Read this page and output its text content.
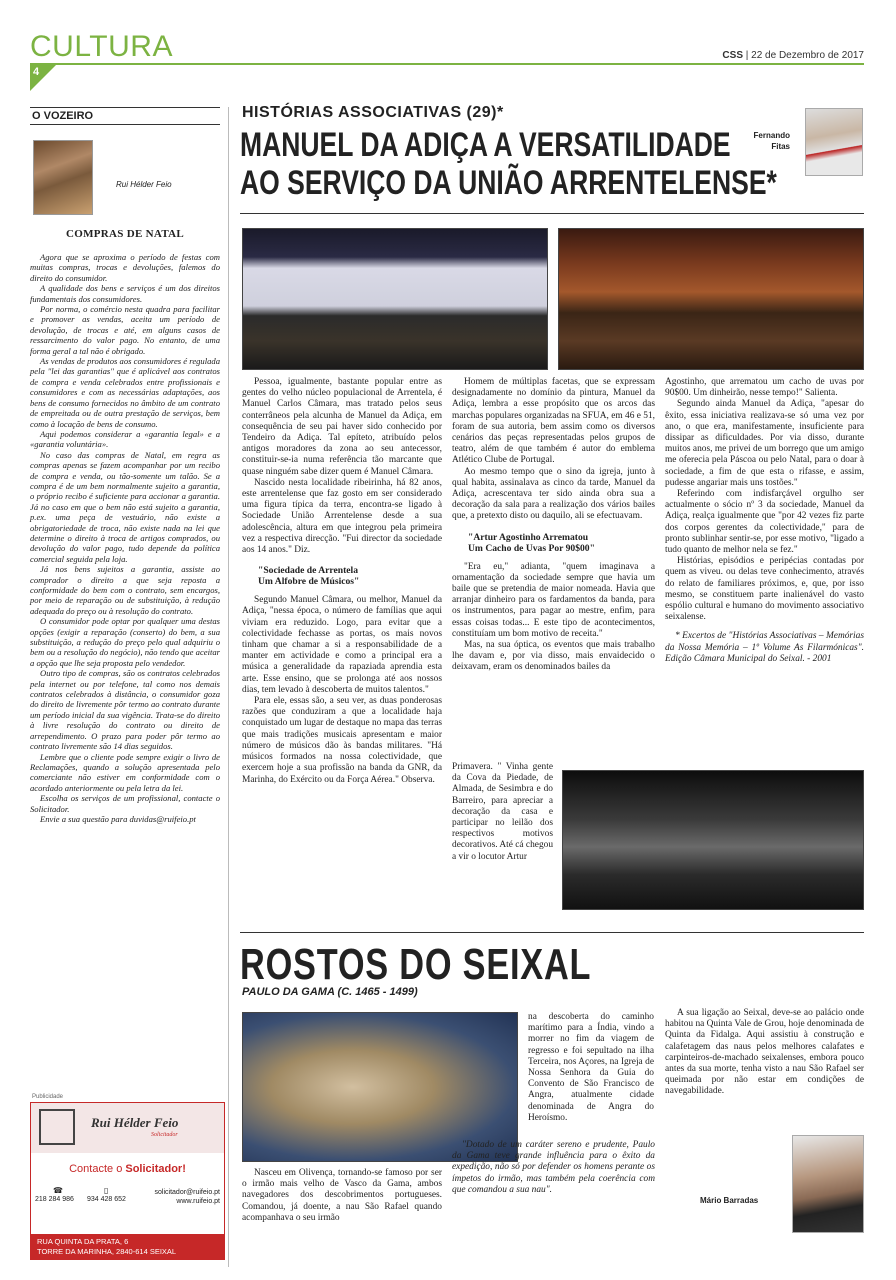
CULTURA
4
CSS | 22 de Dezembro de 2017
O VOZEIRO
Rui Hélder Feio
COMPRAS DE NATAL

Agora que se aproxima o período de festas com muitas compras, trocas e devoluções, falemos do direito do consumidor.

A qualidade dos bens e serviços é um dos direitos fundamentais dos consumidores.

Por norma, o comércio nesta quadra para facilitar e promover as vendas, aceita um período de devolução, de trocas e até, em alguns casos de ressarcimento do valor pago. No entanto, de uma forma geral a tal não é obrigado.

As vendas de produtos aos consumidores é regulada pela "lei das garantias" que é aplicável aos contratos de compra e venda celebrados entre profissionais e consumidores e com as necessárias adaptações, aos bens de consumo fornecidos no âmbito de um contrato de empreitada ou de outra prestação de serviços, bem como à locação de bens de consumo.

Aqui podemos considerar a «garantia legal» e a «garantia voluntária».

No caso das compras de Natal, em regra as compras apenas se fazem acompanhar por um recibo de compra e venda, ou tão-somente um talão. Se a compra é de um bem normalmente sujeito a garantia, o próprio recibo é suficiente para accionar a garantia. Já no caso em que o bem não está sujeito a garantia, p.ex. uma peça de vestuário, não existe a obrigatoriedade de troca, não existe nada na lei que determine o direito à troca de artigos comprados, ou devolução do valor pago, tudo depende da política comercial seguida pela loja.

Já nos bens sujeitos a garantia, assiste ao comprador o direito a que seja reposta a conformidade do bem com o contrato, sem encargos, por meio de reparação ou de substituição, à redução adequada do preço ou à resolução do contrato.

O consumidor pode optar por qualquer uma destas opções (exigir a reparação (conserto) do bem, a sua substituição, a redução do preço pelo qual adquiriu o bem ou a resolução do negócio), não tendo que aceitar a opção que lhe seja proposta pelo vendedor.

Outro tipo de compras, são os contratos celebrados pela internet ou por telefone, tal como nos demais contratos celebrados à distância, o consumidor goza do direito de livremente pôr termo ao contrato durante um período inicial da sua vigência. Trata-se do direito à livre resolução do contrato ou direito de arrependimento. O prazo para poder pôr termo ao contrato livremente são 14 dias seguidos.

Lembre que o cliente pode sempre exigir o livro de Reclamações, quando a solução apresentada pelo comerciante não estiver em conformidade com o acordado anteriormente ou pela letra da lei.

Escolha os serviços de um profissional, contacte o Solicitador.

Envie a sua questão para duvidas@ruifeio.pt

Publicidade
Rui Hélder Feio
Solicitador
Contacte o Solicitador!
☎	▯
218 284 986 934 428 652
solicitador@ruifeio.pt
www.ruifeio.pt
RUA QUINTA DA PRATA, 6
TORRE DA MARINHA, 2840-614 SEIXAL
HISTÓRIAS ASSOCIATIVAS (29)*
MANUEL DA ADIÇA A VERSATILIDADE
AO SERVIÇO DA UNIÃO ARRENTELENSE*
Fernando
Fitas

Pessoa, igualmente, bastante popular entre as gentes do velho núcleo populacional de Arrentela, é Manuel Carlos Câmara, mas tratado pelos seus conterrâneos pela alcunha de Manuel da Adiça, em consequência de seu pai haver sido conhecido por Tendeiro da Adiça. Tal epíteto, atribuído pelos antigos moradores da zona ao seu antecessor, constituir-se-ia numa referência tão marcante que quase ninguém sabe dizer quem é Manuel Câmara.

Nascido nesta localidade ribeirinha, há 82 anos, este arrentelense que faz gosto em ser considerado uma figura típica da terra, encontra-se ligado à Sociedade União Arrentelense desde a sua adolescência, altura em que integrou pela primeira vez a respectiva direcção. "Fui director da sociedade aos 14 anos." Diz.

"Sociedade de Arrentela
Um Alfobre de Músicos"

Segundo Manuel Câmara, ou melhor, Manuel da Adiça, "nessa época, o número de famílias que aqui viviam era reduzido. Logo, para evitar que a colectividade fechasse as portas, os mais novos tinham que chamar a si a responsabilidade de a manter em actividade e como a principal era a música a generalidade da rapaziada aprendia esta arte. Esse ensino, que se prolonga até aos nossos dias, tem levado à descoberta de muitos talentos."

Para ele, essas são, a seu ver, as duas ponderosas razões que conduziram a que a localidade haja conquistado um lugar de destaque no mapa das terras que mais tradições musicais apresentam e maior número de músicos dão às bandas militares. "Há músicos formados na nossa colectividade, que exercem hoje a sua profissão na banda da GNR, da Marinha, do Exército ou da Força Aérea." Observa.

Homem de múltiplas facetas, que se expressam designadamente no domínio da pintura, Manuel da Adiça, lembra a esse propósito que os arcos das marchas populares organizadas na SFUA, em 46 e 51, foram de sua autoria, bem assim como os diversos cenários das peças representadas pelos grupos de teatro, além de que também é autor do emblema Atlético Clube de Portugal.

Ao mesmo tempo que o sino da igreja, junto à qual habita, assinalava as cinco da tarde, Manuel da Adiça, acrescentava ter sido ainda obra sua a decoração da sala para a realização dos vários bailes que, a pretexto disto ou daquilo, ali se efectuavam.

"Artur Agostinho Arrematou
Um Cacho de Uvas Por 90$00"

"Era eu," adianta, "quem imaginava a ornamentação da sociedade sempre que havia um baile que se pretendia de maior nomeada. Havia que arranjar dinheiro para os fardamentos da banda, para os instrumentos, para pagar ao mestre, enfim, para essas coisas todas... E este tipo de acontecimentos, constituíam um bom motivo de receita."

Mas, na sua óptica, os eventos que mais trabalho lhe davam e, por via disso, mais envaidecido o deixavam, eram os denominados bailes da

Primavera. " Vinha gente da Cova da Piedade, de Almada, de Sesimbra e do Barreiro, para apreciar a decoração da casa e participar no leilão dos respectivos motivos decorativos. Até cá chegou a vir o locutor Artur

Agostinho, que arrematou um cacho de uvas por 90$00. Um dinheirão, nesse tempo!" Salienta.

Segundo ainda Manuel da Adiça, "apesar do êxito, essa iniciativa realizava-se só uma vez por ano, o que era, manifestamente, insuficiente para dissipar as dificuldades. Por via disso, durante muitos anos, me privei de um borrego que um amigo me oferecia pela Páscoa ou pelo Natal, para o doar à sociedade, a fim de que esta o rifasse, e assim, pudesse angariar mais uns tostões."

Referindo com indisfarçável orgulho ser actualmente o sócio nº 3 da sociedade, Manuel da Adiça, realça igualmente que "por 42 vezes fiz parte dos corpos gerentes da colectividade," para de pronto sublinhar sentir-se, por esse motivo, "ligado a tudo quanto de melhor nela se fez."

Histórias, episódios e peripécias contadas por quem as viveu. ou delas teve conhecimento, através do relato de familiares próximos, e, que, por isso mesmo, se constituem parte inalienável do vasto espólio cultural e humano do movimento associativo seixalense.

* Excertos de "Histórias Associativas – Memórias da Nossa Memória – 1º Volume As Filarmónicas". Edição Câmara Municipal do Seixal. - 2001

ROSTOS DO SEIXAL
PAULO DA GAMA (C. 1465 - 1499)

Nasceu em Olivença, tornando-se famoso por ser o irmão mais velho de Vasco da Gama, ambos navegadores dos descobrimentos portugueses. Comandou, já doente, a nau São Rafael quando acompanhava o seu irmão

na descoberta do caminho marítimo para a Índia, vindo a morrer no fim da viagem de regresso e foi sepultado na ilha Terceira, nos Açores, na Igreja de Nossa Senhora da Guia do Convento de São Francisco de Angra, atualmente cidade denominada de Angra do Heroísmo.

"Dotado de um caráter sereno e prudente, Paulo da Gama teve grande influência para o êxito da expedição, não só por defender os homens perante os ímpetos do irmão, mas também pela coerência com que comandou a sua nau".

A sua ligação ao Seixal, deve-se ao palácio onde habitou na Quinta Vale de Grou, hoje denominada de Quinta da Fidalga. Aqui assistiu à construção e calafetagem das naus pelos melhores calafates e carpinteiros-de-machado seixalenses, embora pouco antes da sua morte, tenha visto a nau São Rafael ser queimada por não estar em condições de navegabilidade.

Mário Barradas
